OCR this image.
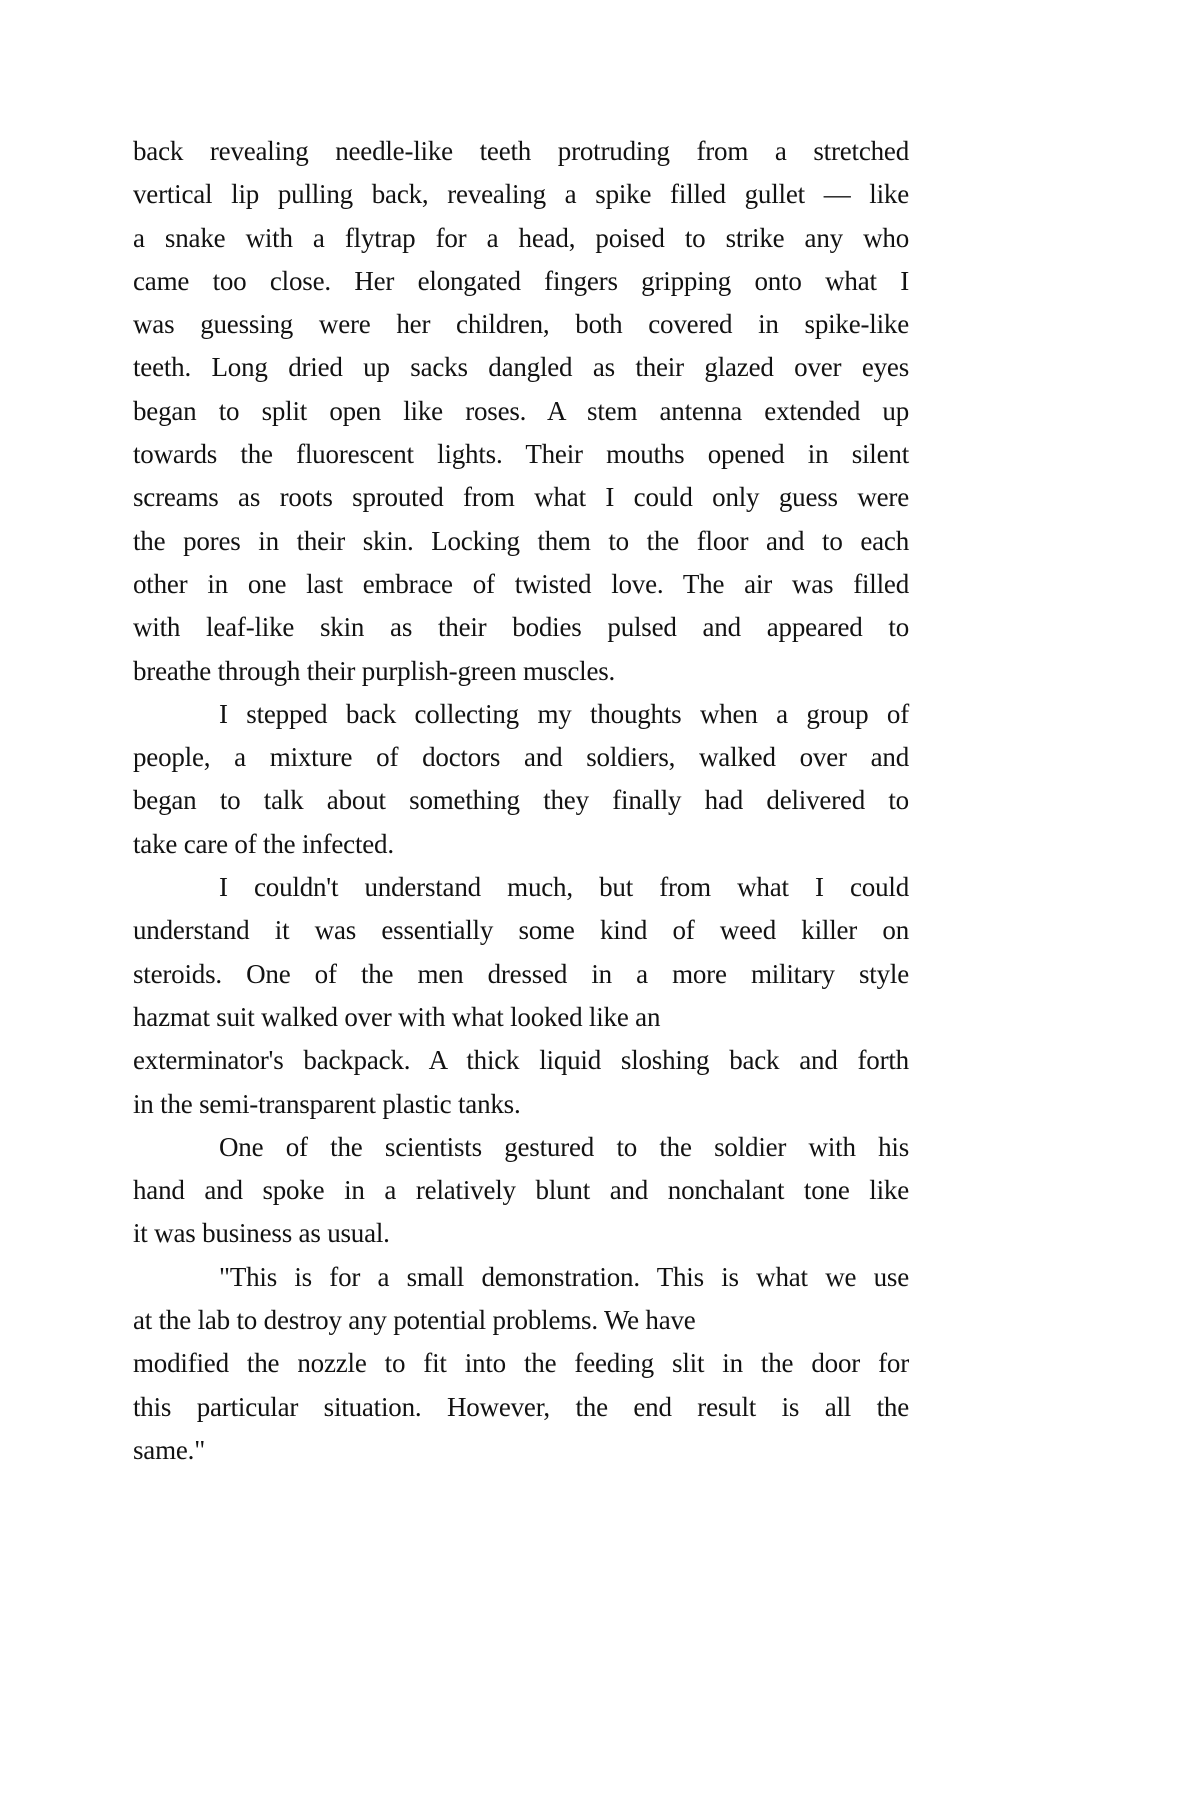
back revealing needle-like teeth protruding from a stretched
vertical lip pulling back, revealing a spike filled gullet — like
a snake with a flytrap for a head, poised to strike any who
came too close. Her elongated fingers gripping onto what I
was guessing were her children, both covered in spike-like
teeth. Long dried up sacks dangled as their glazed over eyes
began to split open like roses. A stem antenna extended up
towards the fluorescent lights. Their mouths opened in silent
screams as roots sprouted from what I could only guess were
the pores in their skin. Locking them to the floor and to each
other in one last embrace of twisted love. The air was filled
with leaf-like skin as their bodies pulsed and appeared to
breathe through their purplish-green muscles.
I stepped back collecting my thoughts when a group of
people, a mixture of doctors and soldiers, walked over and
began to talk about something they finally had delivered to
take care of the infected.
I couldn't understand much, but from what I could
understand it was essentially some kind of weed killer on
steroids. One of the men dressed in a more military style
hazmat suit walked over with what looked like an
exterminator's backpack. A thick liquid sloshing back and forth
in the semi-transparent plastic tanks.
One of the scientists gestured to the soldier with his
hand and spoke in a relatively blunt and nonchalant tone like
it was business as usual.
"This is for a small demonstration. This is what we use
at the lab to destroy any potential problems. We have
modified the nozzle to fit into the feeding slit in the door for
this particular situation. However, the end result is all the
same."
